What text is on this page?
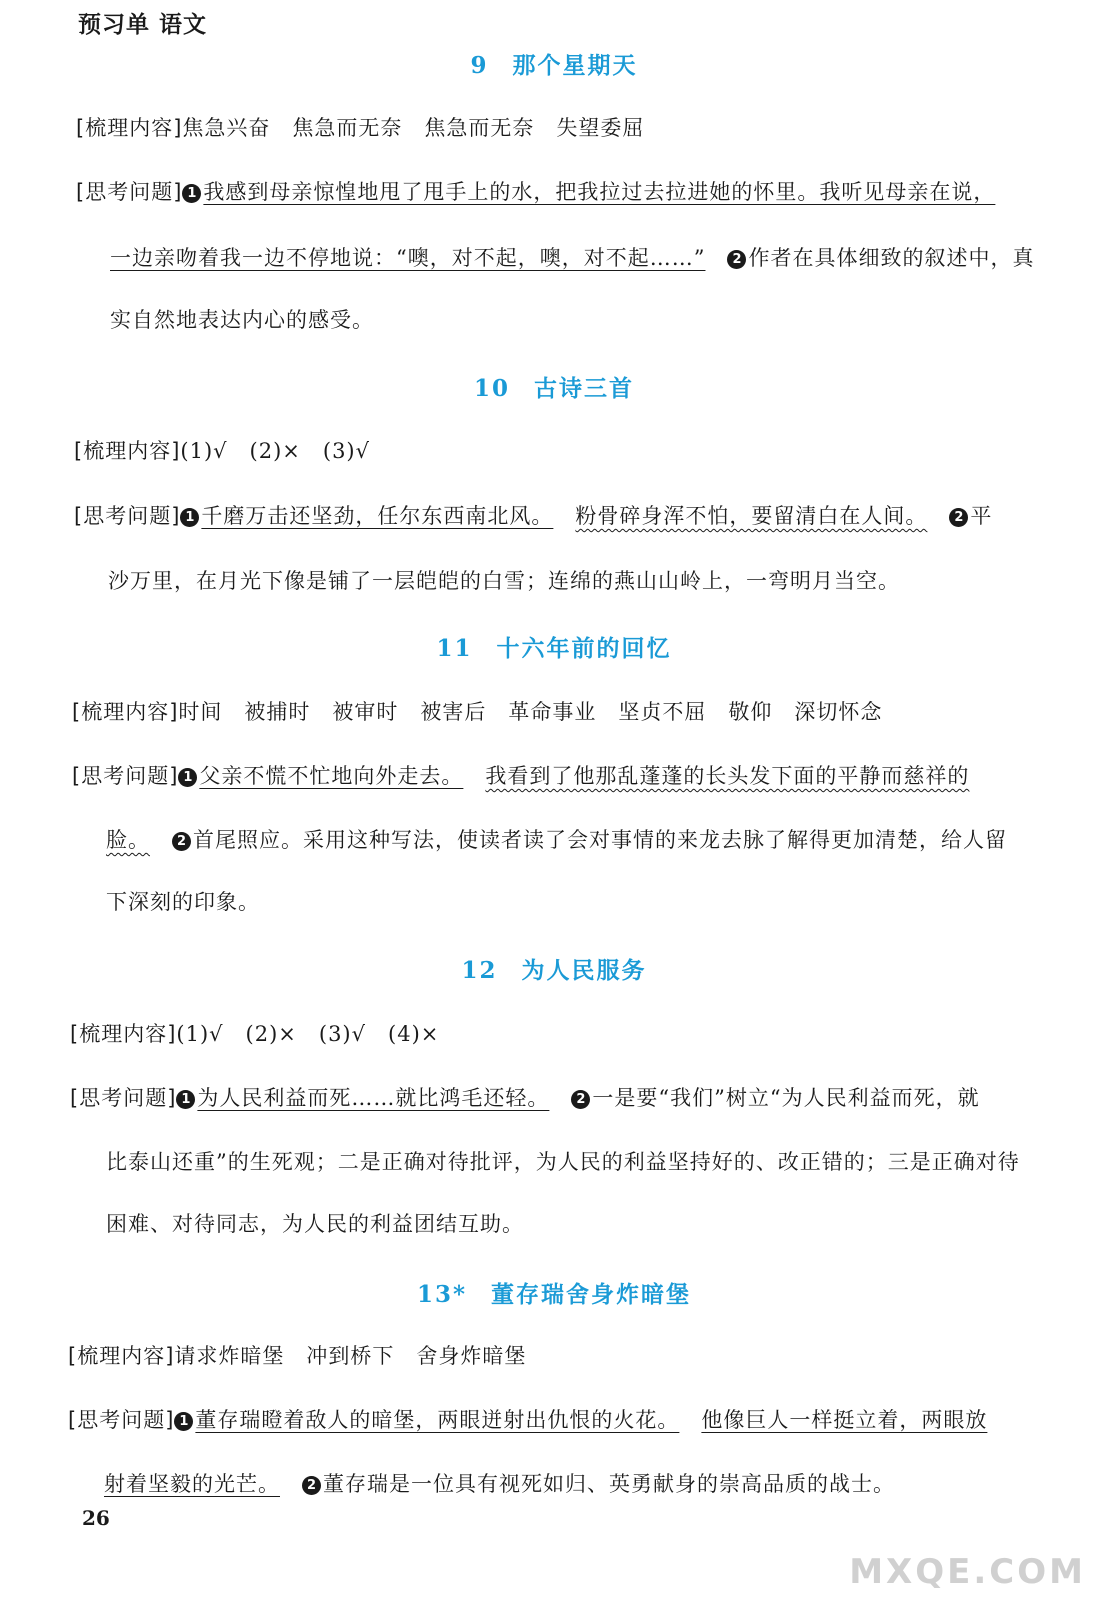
预习单 语文
9 那个星期天
[梳理内容]焦急兴奋 焦急而无奈 焦急而无奈 失望委屈
[思考问题] 1 我感到母亲惊惶地甩了甩手上的水，把我拉过去拉进她的怀里。我听见母亲在说，
一边亲吻着我一边不停地说：“噢，对不起，噢，对不起……” 2 作者在具体细致的叙述中，真
实自然地表达内心的感受。
10 古诗三首
[梳理内容](1)√ (2)× (3)√
[思考问题] 1 千磨万击还坚劲，任尔东西南北风。 粉骨碎身浑不怕，要留清白在人间。 2 平
沙万里，在月光下像是铺了一层皑皑的白雪；连绵的燕山山岭上，一弯明月当空。
11 十六年前的回忆
[梳理内容]时间 被捕时 被审时 被害后 革命事业 坚贞不屈 敬仰 深切怀念
[思考问题] 1 父亲不慌不忙地向外走去。 我看到了他那乱蓬蓬的长头发下面的平静而慈祥的
脸。 2 首尾照应。采用这种写法，使读者读了会对事情的来龙去脉了解得更加清楚，给人留
下深刻的印象。
12 为人民服务
[梳理内容](1)√ (2)× (3)√ (4)×
[思考问题] 1 为人民利益而死……就比鸿毛还轻。 2 一是要“我们”树立“为人民利益而死，就
比泰山还重”的生死观；二是正确对待批评，为人民的利益坚持好的、改正错的；三是正确对待
困难、对待同志，为人民的利益团结互助。
13* 董存瑞舍身炸暗堡
[梳理内容]请求炸暗堡 冲到桥下 舍身炸暗堡
[思考问题] 1 董存瑞瞪着敌人的暗堡，两眼迸射出仇恨的火花。 他像巨人一样挺立着，两眼放
射着坚毅的光芒。 2 董存瑞是一位具有视死如归、英勇献身的崇高品质的战士。
26
MXQE.COM
